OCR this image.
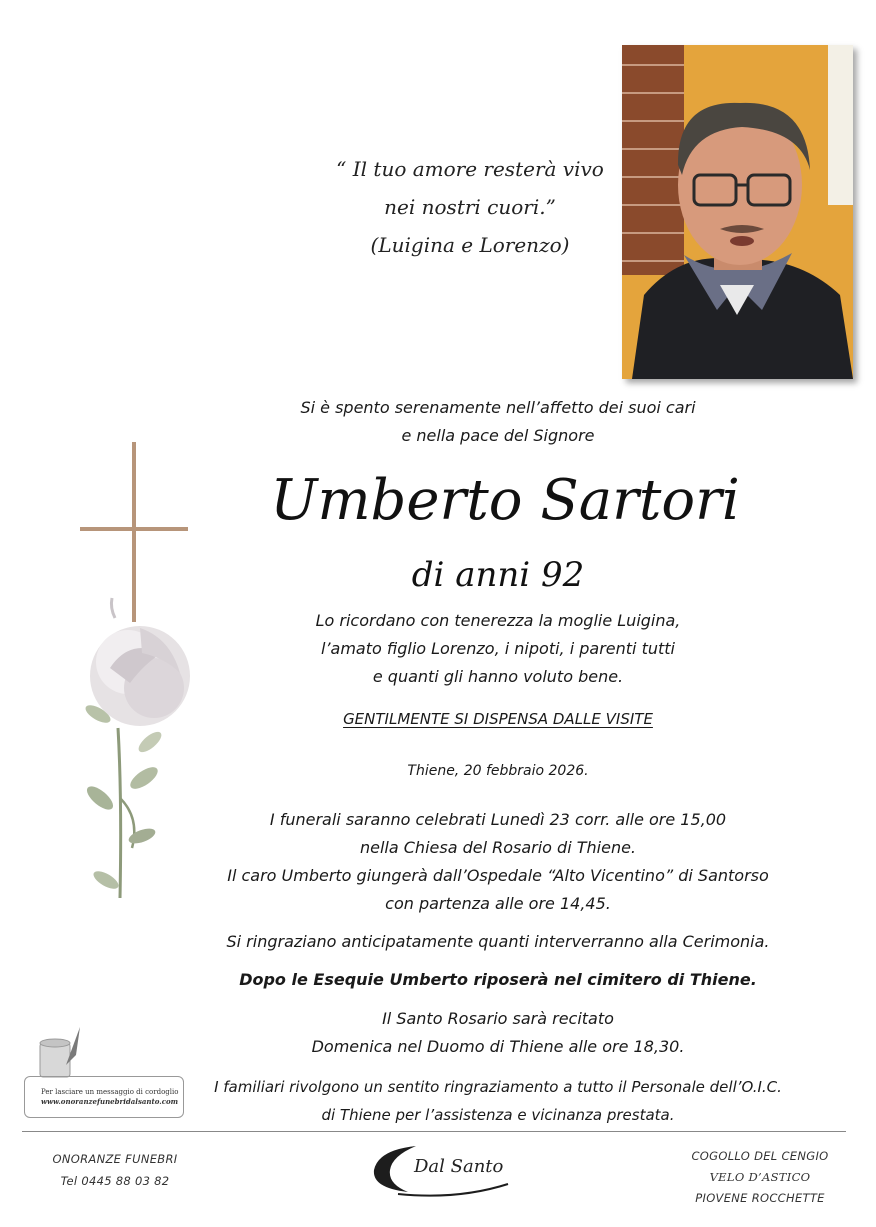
“ Il tuo amore resterà vivo
nei nostri cuori.”
(Luigina e Lorenzo)
Si è spento serenamente nell’affetto dei suoi cari
e nella pace del Signore
Umberto Sartori
di anni 92
Lo ricordano con tenerezza la moglie Luigina,
l’amato figlio Lorenzo, i nipoti, i parenti tutti
e quanti gli hanno voluto bene.
GENTILMENTE SI DISPENSA DALLE VISITE
Thiene, 20 febbraio 2026.
I funerali saranno celebrati Lunedì 23 corr. alle ore 15,00
nella Chiesa del Rosario di Thiene.
Il caro Umberto giungerà dall’Ospedale “Alto Vicentino” di Santorso
con partenza alle ore 14,45.
Si ringraziano anticipatamente quanti interverranno alla Cerimonia.
Dopo le Esequie Umberto riposerà nel cimitero di Thiene.
Il Santo Rosario sarà recitato
Domenica nel Duomo di Thiene alle ore 18,30.
Per lasciare un messaggio di cordoglio
www.onoranzefunebridalsanto.com
I familiari rivolgono un sentito ringraziamento a tutto il Personale dell’O.I.C.
di Thiene per l’assistenza e vicinanza prestata.
ONORANZE FUNEBRI
Tel 0445 88 03 82
Dal Santo	COGOLLO DEL CENGIO
VELO D’ASTICO
PIOVENE ROCCHETTE
